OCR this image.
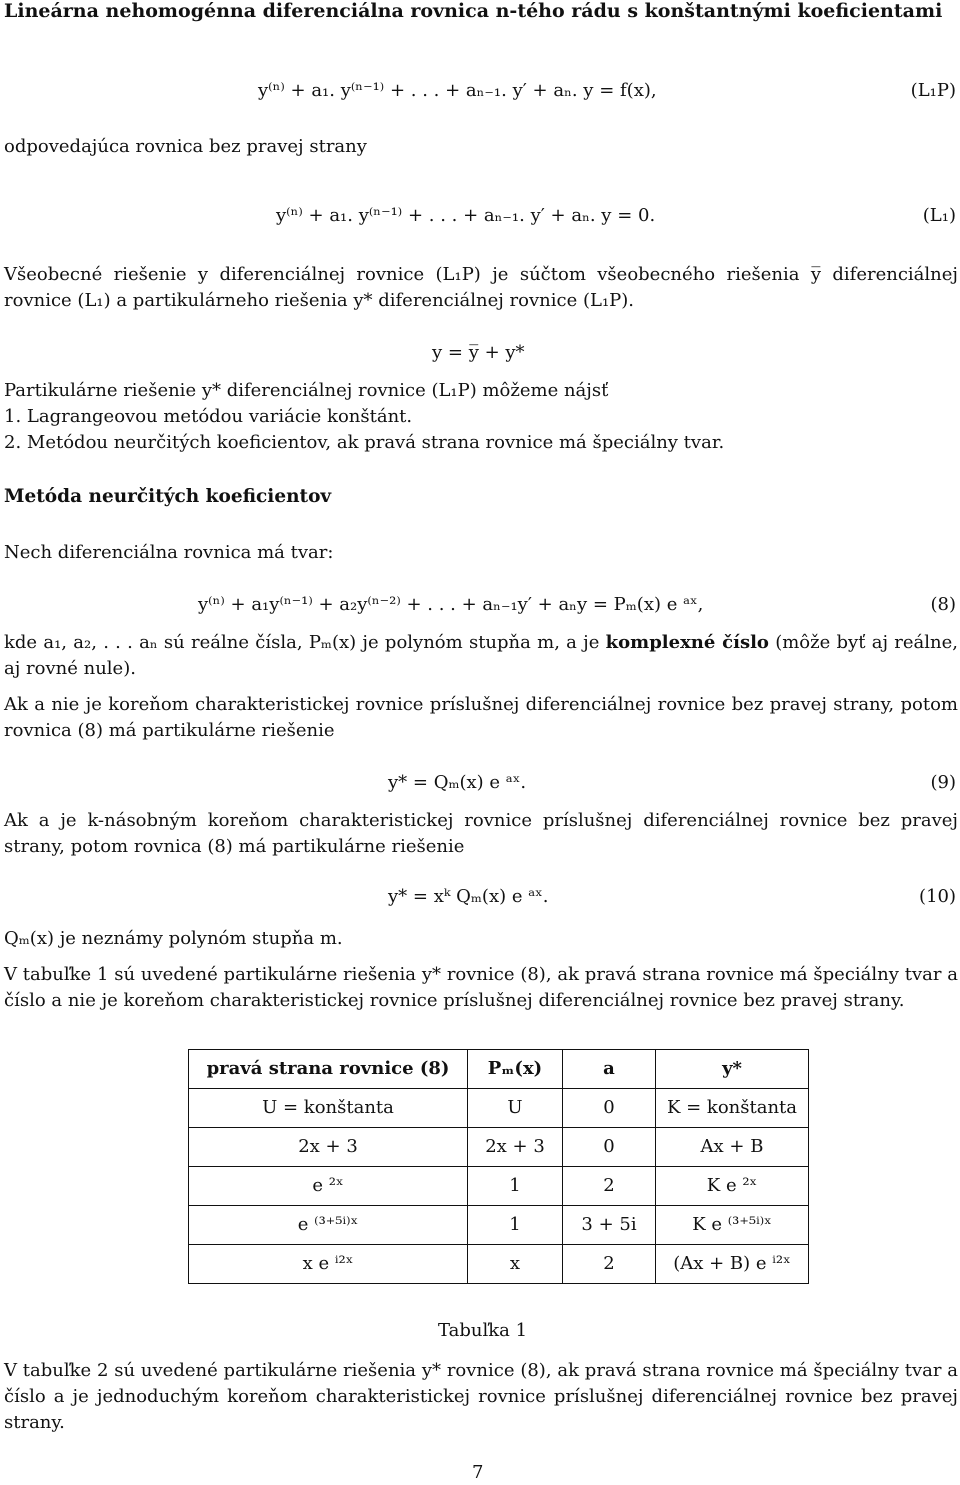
Lineárna nehomogénna diferenciálna rovnica n-tého rádu s konštantnými koeficientami
y⁽ⁿ⁾ + a₁. y⁽ⁿ⁻¹⁾ + . . . + aₙ₋₁. y′ + aₙ. y = f(x),	(L₁P)
odpovedajúca rovnica bez pravej strany
y⁽ⁿ⁾ + a₁. y⁽ⁿ⁻¹⁾ + . . . + aₙ₋₁. y′ + aₙ. y = 0.	(L₁)
Všeobecné riešenie y diferenciálnej rovnice (L₁P) je súčtom všeobecného riešenia y̅ diferenciálnej rovnice (L₁) a partikulárneho riešenia y* diferenciálnej rovnice (L₁P).
y = y̅ + y*
Partikulárne riešenie y* diferenciálnej rovnice (L₁P) môžeme nájsť
1. Lagrangeovou metódou variácie konštánt.
2. Metódou neurčitých koeficientov, ak pravá strana rovnice má špeciálny tvar.
Metóda neurčitých koeficientov
Nech diferenciálna rovnica má tvar:
y⁽ⁿ⁾ + a₁y⁽ⁿ⁻¹⁾ + a₂y⁽ⁿ⁻²⁾ + . . . + aₙ₋₁y′ + aₙy = Pₘ(x) e ᵃˣ,	(8)
kde a₁, a₂, . . . aₙ sú reálne čísla, Pₘ(x) je polynóm stupňa m, a je komplexné číslo (môže byť aj reálne, aj rovné nule).
Ak a nie je koreňom charakteristickej rovnice príslušnej diferenciálnej rovnice bez pravej strany, potom rovnica (8) má partikulárne riešenie
y* = Qₘ(x) e ᵃˣ.	(9)
Ak a je k-násobným koreňom charakteristickej rovnice príslušnej diferenciálnej rovnice bez pravej strany, potom rovnica (8) má partikulárne riešenie
y* = xᵏ Qₘ(x) e ᵃˣ.	(10)
Qₘ(x) je neznámy polynóm stupňa m.
V tabuľke 1 sú uvedené partikulárne riešenia y* rovnice (8), ak pravá strana rovnice má špeciálny tvar a číslo a nie je koreňom charakteristickej rovnice príslušnej diferenciálnej rovnice bez pravej strany.
pravá strana rovnice (8)	Pₘ(x)	a	y*
U = konštanta	U	0	K = konštanta
2x + 3	2x + 3	0	Ax + B
e ²ˣ	1	2	K e ²ˣ
e ⁽³⁺⁵ⁱ⁾ˣ	1	3 + 5i	K e ⁽³⁺⁵ⁱ⁾ˣ
x e ⁱ²ˣ	x	2	(Ax + B) e ⁱ²ˣ
Tabuľka 1
V tabuľke 2 sú uvedené partikulárne riešenia y* rovnice (8), ak pravá strana rovnice má špeciálny tvar a číslo a je jednoduchým koreňom charakteristickej rovnice príslušnej diferenciálnej rovnice bez pravej strany.
7
